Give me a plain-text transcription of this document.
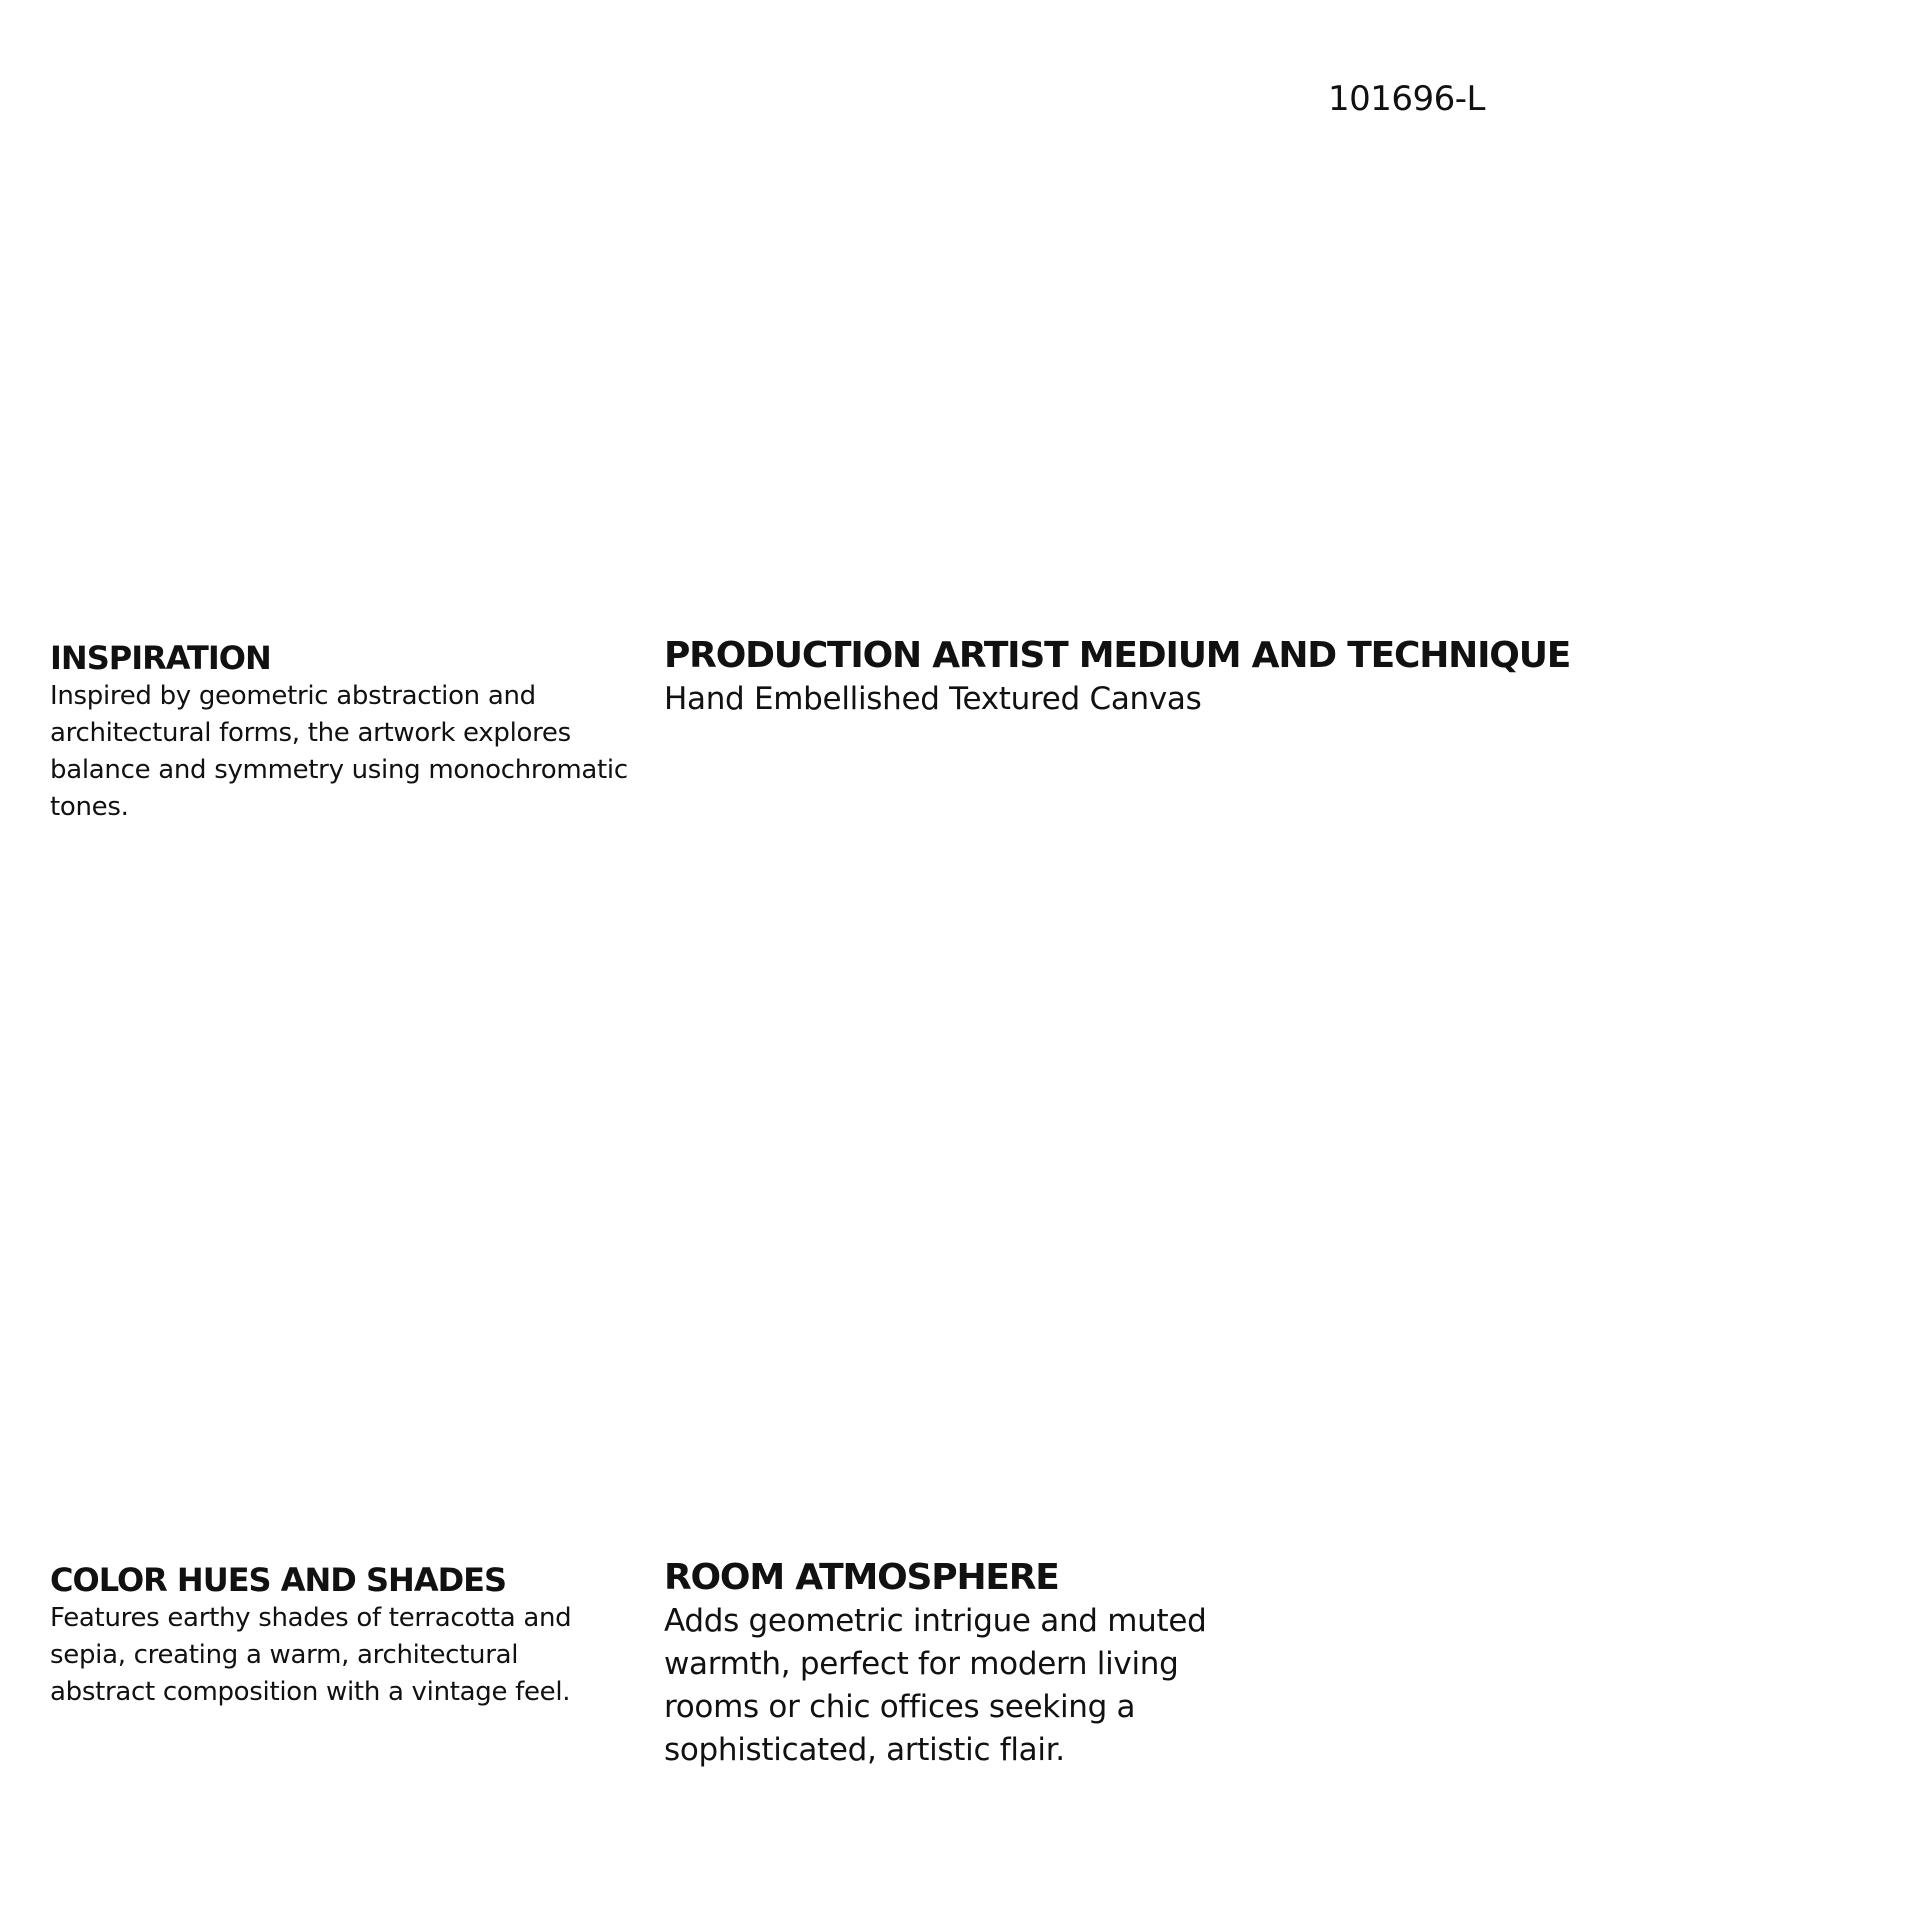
101696-L
INSPIRATION

Inspired by geometric abstraction and architectural forms, the artwork explores balance and symmetry using monochromatic tones.

PRODUCTION ARTIST MEDIUM AND TECHNIQUE

Hand Embellished Textured Canvas

COLOR HUES AND SHADES

Features earthy shades of terracotta and sepia, creating a warm, architectural abstract composition with a vintage feel.

ROOM ATMOSPHERE

Adds geometric intrigue and muted warmth, perfect for modern living rooms or chic offices seeking a sophisticated, artistic flair.
